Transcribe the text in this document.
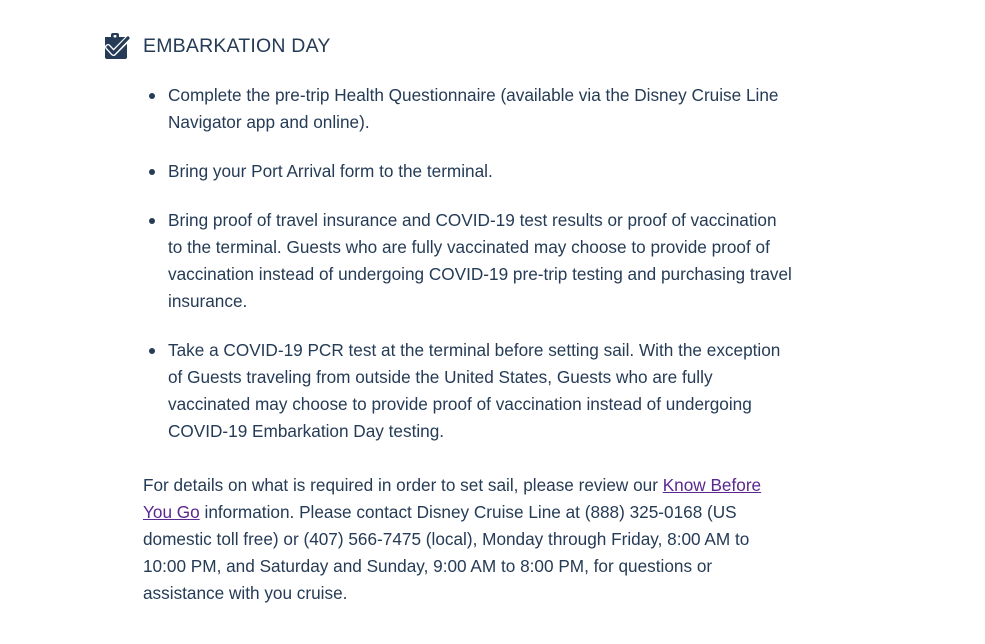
EMBARKATION DAY
Complete the pre-trip Health Questionnaire (available via the Disney Cruise Line Navigator app and online).
Bring your Port Arrival form to the terminal.
Bring proof of travel insurance and COVID-19 test results or proof of vaccination to the terminal. Guests who are fully vaccinated may choose to provide proof of vaccination instead of undergoing COVID-19 pre-trip testing and purchasing travel insurance.
Take a COVID-19 PCR test at the terminal before setting sail. With the exception of Guests traveling from outside the United States, Guests who are fully vaccinated may choose to provide proof of vaccination instead of undergoing COVID-19 Embarkation Day testing.

For details on what is required in order to set sail, please review our Know Before You Go information. Please contact Disney Cruise Line at (888) 325-0168 (US domestic toll free) or (407) 566-7475 (local), Monday through Friday, 8:00 AM to 10:00 PM, and Saturday and Sunday, 9:00 AM to 8:00 PM, for questions or assistance with you cruise.
